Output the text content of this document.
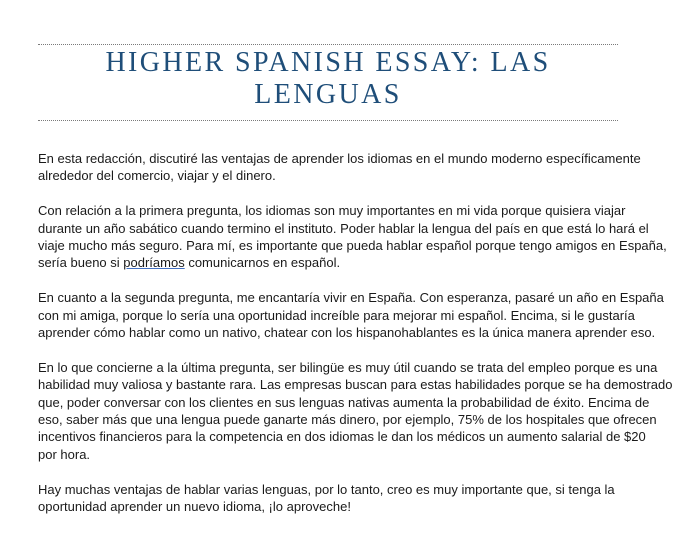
HIGHER SPANISH ESSAY: LAS
LENGUAS

En esta redacción, discutiré las ventajas de aprender los idiomas en el mundo moderno específicamente
alrededor del comercio, viajar y el dinero.

Con relación a la primera pregunta, los idiomas son muy importantes en mi vida porque quisiera viajar
durante un año sabático cuando termino el instituto. Poder hablar la lengua del país en que está lo hará el
viaje mucho más seguro. Para mí, es importante que pueda hablar español porque tengo amigos en España,
sería bueno si podríamos comunicarnos en español.

En cuanto a la segunda pregunta, me encantaría vivir en España. Con esperanza, pasaré un año en España
con mi amiga, porque lo sería una oportunidad increíble para mejorar mi español. Encima, si le gustaría
aprender cómo hablar como un nativo, chatear con los hispanohablantes es la única manera aprender eso.

En lo que concierne a la última pregunta, ser bilingüe es muy útil cuando se trata del empleo porque es una
habilidad muy valiosa y bastante rara. Las empresas buscan para estas habilidades porque se ha demostrado
que, poder conversar con los clientes en sus lenguas nativas aumenta la probabilidad de éxito. Encima de
eso, saber más que una lengua puede ganarte más dinero, por ejemplo, 75% de los hospitales que ofrecen
incentivos financieros para la competencia en dos idiomas le dan los médicos un aumento salarial de $20
por hora.

Hay muchas ventajas de hablar varias lenguas, por lo tanto, creo es muy importante que, si tenga la
oportunidad aprender un nuevo idioma, ¡lo aproveche!
